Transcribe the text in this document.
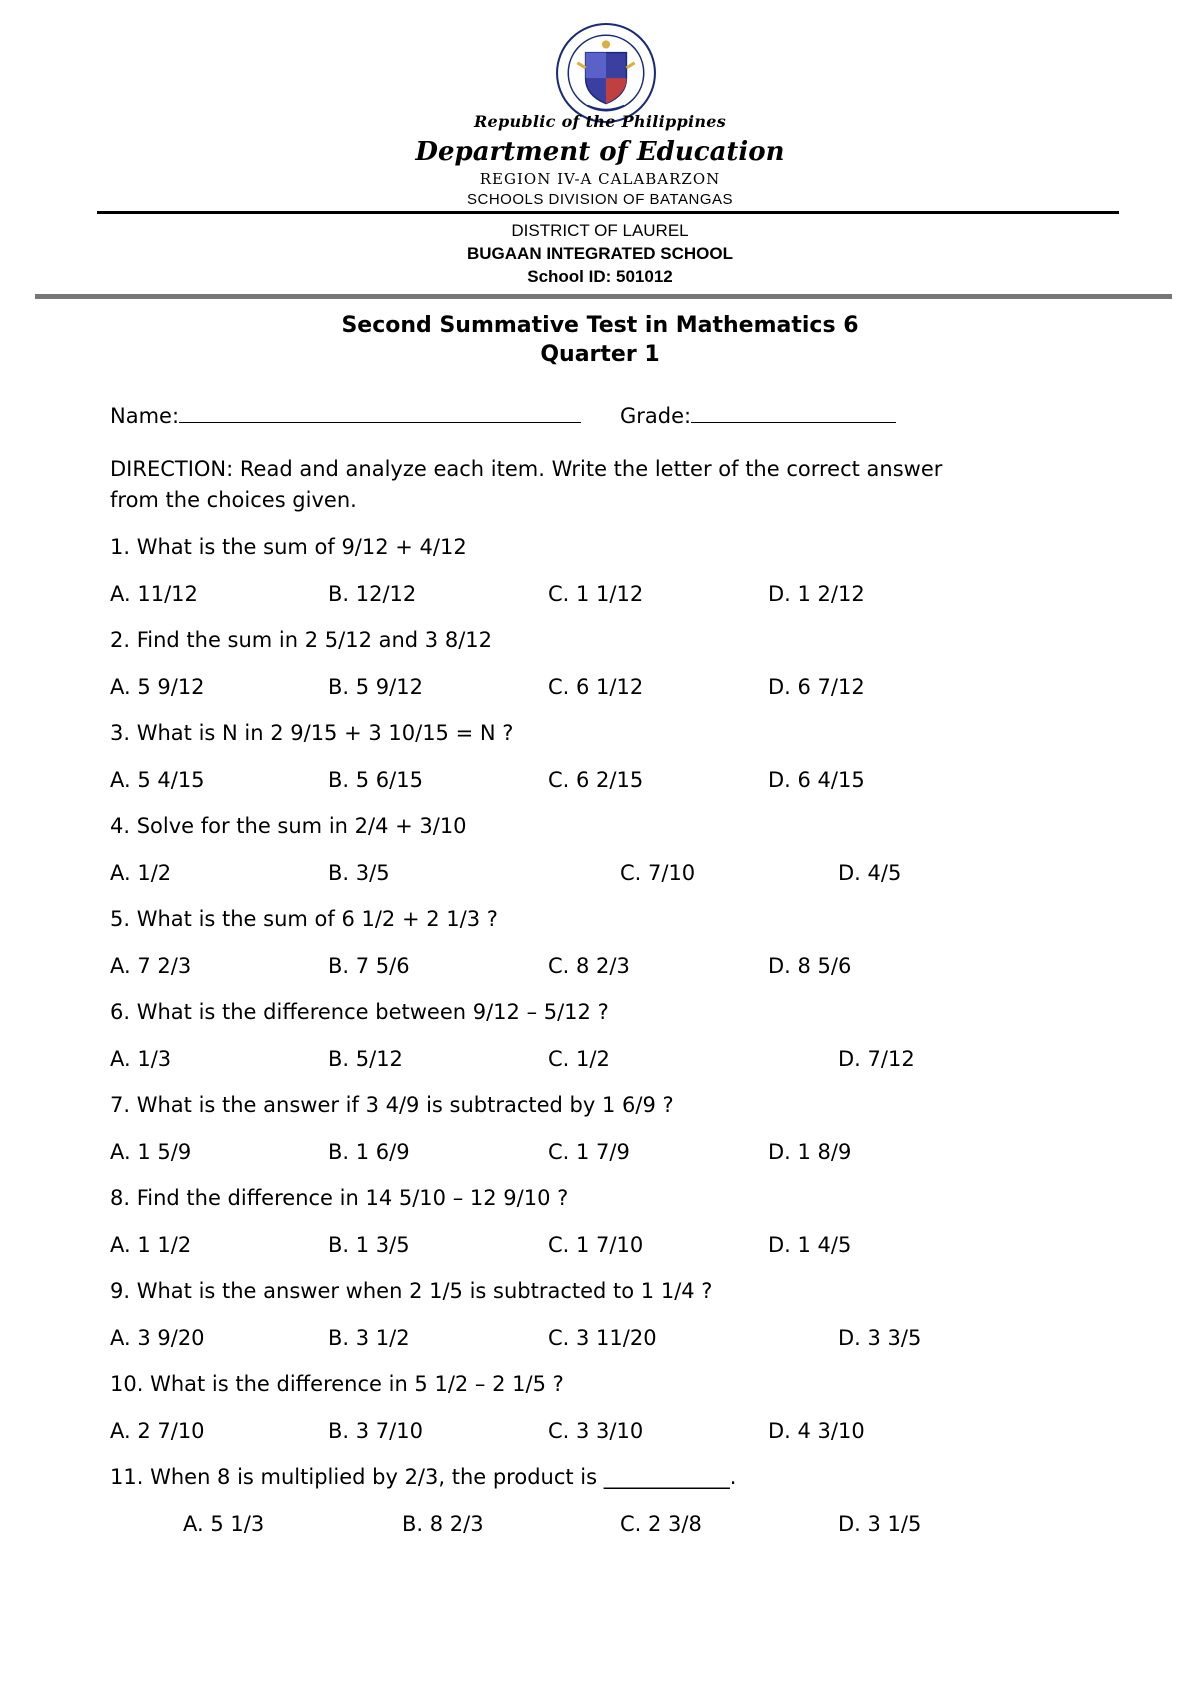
Republic of the Philippines
Department of Education
REGION IV-A CALABARZON
SCHOOLS DIVISION OF BATANGAS
DISTRICT OF LAUREL
BUGAAN INTEGRATED SCHOOL
School ID: 501012
Second Summative Test in Mathematics 6
Quarter 1
Name:	Grade:
DIRECTION: Read and analyze each item. Write the letter of the correct answer
from the choices given.
1. What is the sum of 9/12 + 4/12
A. 11/12	B. 12/12	C. 1 1/12	D. 1 2/12
2. Find the sum in 2 5/12 and 3 8/12
A. 5 9/12	B. 5 9/12	C. 6 1/12	D. 6 7/12
3. What is N in 2 9/15 + 3 10/15 = N ?
A. 5 4/15	B. 5 6/15	C. 6 2/15	D. 6 4/15
4. Solve for the sum in 2/4 + 3/10
A. 1/2	B. 3/5	C. 7/10	D. 4/5
5. What is the sum of 6 1/2 + 2 1/3 ?
A. 7 2/3	B. 7 5/6	C. 8 2/3	D. 8 5/6
6. What is the difference between 9/12 – 5/12 ?
A. 1/3	B. 5/12	C. 1/2	D. 7/12
7. What is the answer if 3 4/9 is subtracted by 1 6/9 ?
A. 1 5/9	B. 1 6/9	C. 1 7/9	D. 1 8/9
8. Find the difference in 14 5/10 – 12 9/10 ?
A. 1 1/2	B. 1 3/5	C. 1 7/10	D. 1 4/5
9. What is the answer when 2 1/5 is subtracted to 1 1/4 ?
A. 3 9/20	B. 3 1/2	C. 3 11/20	D. 3 3/5
10. What is the difference in 5 1/2 – 2 1/5 ?
A. 2 7/10	B. 3 7/10	C. 3 3/10	D. 4 3/10
11. When 8 is multiplied by 2/3, the product is ____________.
A. 5 1/3	B. 8 2/3	C. 2 3/8	D. 3 1/5
